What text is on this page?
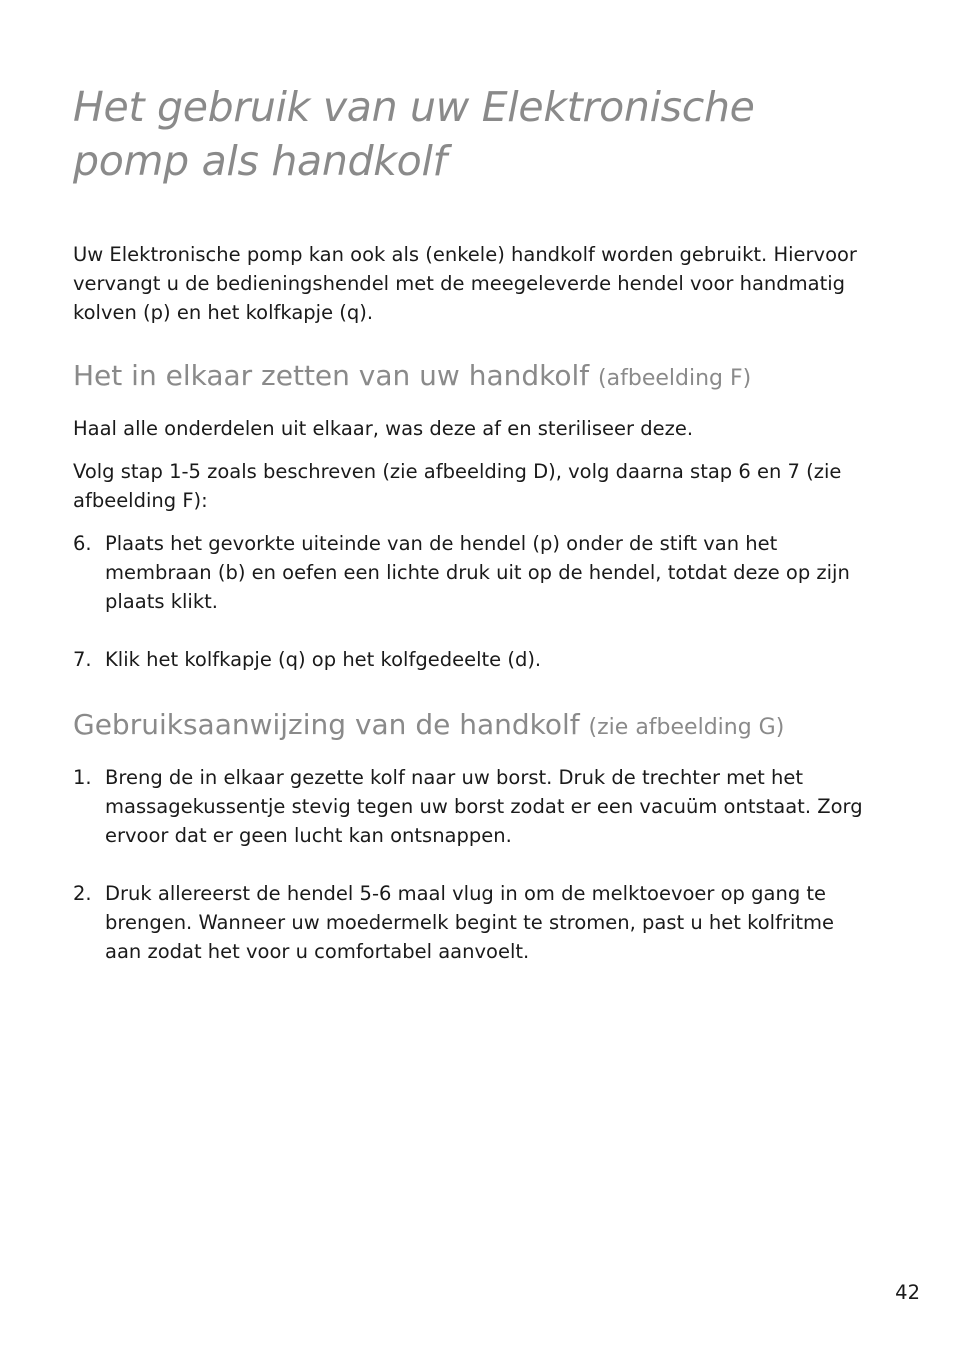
Het gebruik van uw Elektronische pomp als handkolf

Uw Elektronische pomp kan ook als (enkele) handkolf worden gebruikt. Hiervoor vervangt u de bedieningshendel met de meegeleverde hendel voor handmatig kolven (p) en het kolfkapje (q).

Het in elkaar zetten van uw handkolf (afbeelding F)

Haal alle onderdelen uit elkaar, was deze af en steriliseer deze.

Volg stap 1-5 zoals beschreven (zie afbeelding D), volg daarna stap 6 en 7 (zie afbeelding F):

6. Plaats het gevorkte uiteinde van de hendel (p) onder de stift van het membraan (b) en oefen een lichte druk uit op de hendel, totdat deze op zijn plaats klikt.
7. Klik het kolfkapje (q) op het kolfgedeelte (d).
Gebruiksaanwijzing van de handkolf (zie afbeelding G)
1. Breng de in elkaar gezette kolf naar uw borst. Druk de trechter met het massagekussentje stevig tegen uw borst zodat er een vacuüm ontstaat. Zorg ervoor dat er geen lucht kan ontsnappen.
2. Druk allereerst de hendel 5-6 maal vlug in om de melktoevoer op gang te brengen. Wanneer uw moedermelk begint te stromen, past u het kolfritme aan zodat het voor u comfortabel aanvoelt.
42
